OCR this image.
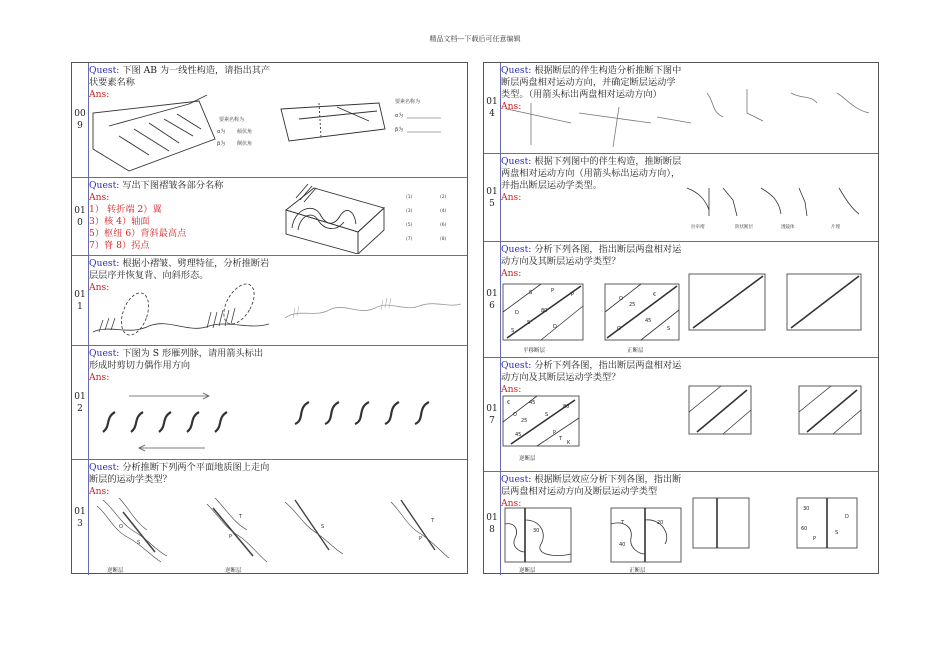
精品文档---下载后可任意编辑
00
9
Quest: 下图 AB 为一线性构造，请指出其产状要素名称
Ans:
要素名称为
α为 倾伏角
β为 侧伏角
要素名称为
α为
β为
01
0
Quest: 写出下图褶皱各部分名称
Ans:
1） 转折端 2）翼
3）核 4）轴面
5）枢纽 6）背斜最高点
7）脊 8）拐点
(1)	(2)
(3)	(4)
(5)	(6)
(7)	(8)
01
1
Quest: 根据小褶皱、劈理特征，分析推断岩层层序并恢复背、向斜形态。
Ans:
01
2
Quest: 下图为 S 形雁列脉，请用箭头标出形成时剪切力偶作用方向
Ans:
01
3
Quest: 分析推断下列两个平面地质图上走向断层的运动学类型？
Ans:
S
O
T
P
T
P
S
逆断层	逆断层
01
4
Quest: 根据断层的伴生构造分析推断下图中断层两盘相对运动方向，并确定断层运动学类型。（用箭头标出两盘相对运动方向）
Ans:
01
5
Quest: 根据下列图中的伴生构造，推断断层两盘相对运动方向（用箭头标出运动方向），并指出断层运动学类型。
Ans:
拉牵褶	阶状断层	透镜体	片理
01
6
Quest: 分析下列各图，指出断层两盘相对运动方向及其断层运动学类型？
Ans:
S	P
P
D	80
S
S
D
O
25
€
45
O	S
平移断层	正断层
01
7
Quest: 分析下列各图，指出断层两盘相对运动方向及其断层运动学类型？
Ans:
€	45
O
25
S
45	P
T
K
80
逆断层
01
8
Quest: 根据断层效应分析下列各图，指出断层两盘相对运动方向及断层运动学类型
Ans:
30
T	20
40
30
D
60
S
P
逆断层	正断层
